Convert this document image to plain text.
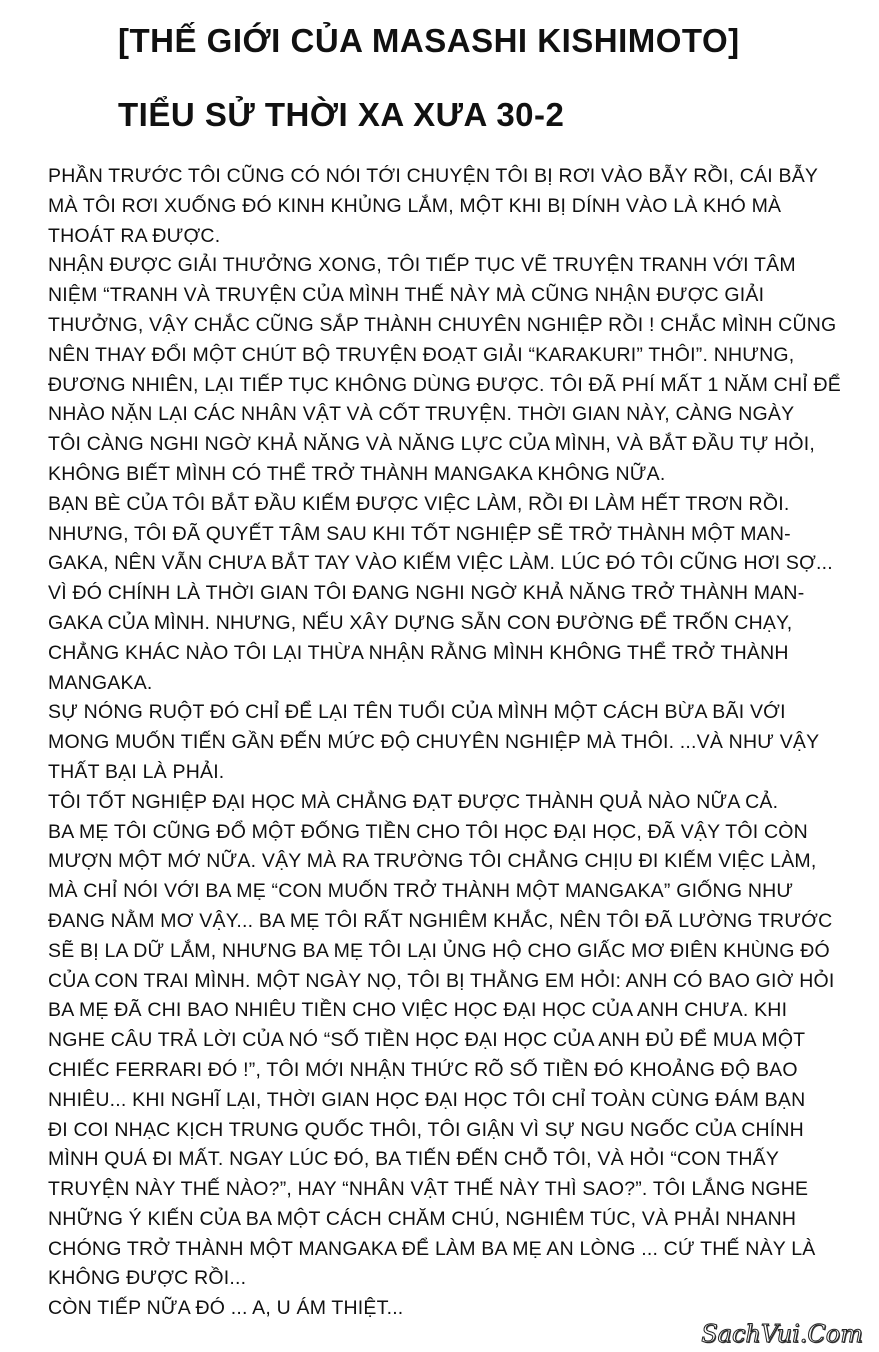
[THẾ GIỚI CỦA MASASHI KISHIMOTO]
TIỂU SỬ THỜI XA XƯA 30-2
PHẦN TRƯỚC TÔI CŨNG CÓ NÓI TỚI CHUYỆN TÔI BỊ RƠI VÀO BẪY RỒI, CÁI BẪY
MÀ TÔI RƠI XUỐNG ĐÓ KINH KHỦNG LẮM, MỘT KHI BỊ DÍNH VÀO LÀ KHÓ MÀ
THOÁT RA ĐƯỢC.
NHẬN ĐƯỢC GIẢI THƯỞNG XONG, TÔI TIẾP TỤC VẼ TRUYỆN TRANH VỚI TÂM
NIỆM “TRANH VÀ TRUYỆN CỦA MÌNH THẾ NÀY MÀ CŨNG NHẬN ĐƯỢC GIẢI
THƯỞNG, VẬY CHẮC CŨNG SẮP THÀNH CHUYÊN NGHIỆP RỒI ! CHẮC MÌNH CŨNG
NÊN THAY ĐỔI MỘT CHÚT BỘ TRUYỆN ĐOẠT GIẢI “KARAKURI” THÔI”. NHƯNG,
ĐƯƠNG NHIÊN, LẠI TIẾP TỤC KHÔNG DÙNG ĐƯỢC. TÔI ĐÃ PHÍ MẤT 1 NĂM CHỈ ĐỂ
NHÀO NẶN LẠI CÁC NHÂN VẬT VÀ CỐT TRUYỆN. THỜI GIAN NÀY, CÀNG NGÀY
TÔI CÀNG NGHI NGỜ KHẢ NĂNG VÀ NĂNG LỰC CỦA MÌNH, VÀ BẮT ĐẦU TỰ HỎI,
KHÔNG BIẾT MÌNH CÓ THỂ TRỞ THÀNH MANGAKA KHÔNG NỮA.
BẠN BÈ CỦA TÔI BẮT ĐẦU KIẾM ĐƯỢC VIỆC LÀM, RỒI ĐI LÀM HẾT TRƠN RỒI.
NHƯNG, TÔI ĐÃ QUYẾT TÂM SAU KHI TỐT NGHIỆP SẼ TRỞ THÀNH MỘT MAN-
GAKA, NÊN VẪN CHƯA BẮT TAY VÀO KIẾM VIỆC LÀM. LÚC ĐÓ TÔI CŨNG HƠI SỢ...
VÌ ĐÓ CHÍNH LÀ THỜI GIAN TÔI ĐANG NGHI NGỜ KHẢ NĂNG TRỞ THÀNH MAN-
GAKA CỦA MÌNH. NHƯNG, NẾU XÂY DỰNG SẴN CON ĐƯỜNG ĐỂ TRỐN CHẠY,
CHẲNG KHÁC NÀO TÔI LẠI THỪA NHẬN RẰNG MÌNH KHÔNG THỂ TRỞ THÀNH
MANGAKA.
SỰ NÓNG RUỘT ĐÓ CHỈ ĐỂ LẠI TÊN TUỔI CỦA MÌNH MỘT CÁCH BỪA BÃI VỚI
MONG MUỐN TIẾN GẦN ĐẾN MỨC ĐỘ CHUYÊN NGHIỆP MÀ THÔI. ...VÀ NHƯ VẬY
THẤT BẠI LÀ PHẢI.
TÔI TỐT NGHIỆP ĐẠI HỌC MÀ CHẲNG ĐẠT ĐƯỢC THÀNH QUẢ NÀO NỮA CẢ.
BA MẸ TÔI CŨNG ĐỔ MỘT ĐỐNG TIỀN CHO TÔI HỌC ĐẠI HỌC, ĐÃ VẬY TÔI CÒN
MƯỢN MỘT MỚ NỮA. VẬY MÀ RA TRƯỜNG TÔI CHẲNG CHỊU ĐI KIẾM VIỆC LÀM,
MÀ CHỈ NÓI VỚI BA MẸ “CON MUỐN TRỞ THÀNH MỘT MANGAKA” GIỐNG NHƯ
ĐANG NẰM MƠ VẬY... BA MẸ TÔI RẤT NGHIÊM KHẮC, NÊN TÔI ĐÃ LƯỜNG TRƯỚC
SẼ BỊ LA DỮ LẮM, NHƯNG BA MẸ TÔI LẠI ỦNG HỘ CHO GIẤC MƠ ĐIÊN KHÙNG ĐÓ
CỦA CON TRAI MÌNH. MỘT NGÀY NỌ, TÔI BỊ THẰNG EM HỎI: ANH CÓ BAO GIỜ HỎI
BA MẸ ĐÃ CHI BAO NHIÊU TIỀN CHO VIỆC HỌC ĐẠI HỌC CỦA ANH CHƯA. KHI
NGHE CÂU TRẢ LỜI CỦA NÓ “SỐ TIỀN HỌC ĐẠI HỌC CỦA ANH ĐỦ ĐỂ MUA MỘT
CHIẾC FERRARI ĐÓ !”, TÔI MỚI NHẬN THỨC RÕ SỐ TIỀN ĐÓ KHOẢNG ĐỘ BAO
NHIÊU... KHI NGHĨ LẠI, THỜI GIAN HỌC ĐẠI HỌC TÔI CHỈ TOÀN CÙNG ĐÁM BẠN
ĐI COI NHẠC KỊCH TRUNG QUỐC THÔI, TÔI GIẬN VÌ SỰ NGU NGỐC CỦA CHÍNH
MÌNH QUÁ ĐI MẤT. NGAY LÚC ĐÓ, BA TIẾN ĐẾN CHỖ TÔI, VÀ HỎI “CON THẤY
TRUYỆN NÀY THẾ NÀO?”, HAY “NHÂN VẬT THẾ NÀY THÌ SAO?”. TÔI LẮNG NGHE
NHỮNG Ý KIẾN CỦA BA MỘT CÁCH CHĂM CHÚ, NGHIÊM TÚC, VÀ PHẢI NHANH
CHÓNG TRỞ THÀNH MỘT MANGAKA ĐỂ LÀM BA MẸ AN LÒNG ... CỨ THẾ NÀY LÀ
KHÔNG ĐƯỢC RỒI...
CÒN TIẾP NỮA ĐÓ ... A, U ÁM THIỆT...
SachVui.Com
